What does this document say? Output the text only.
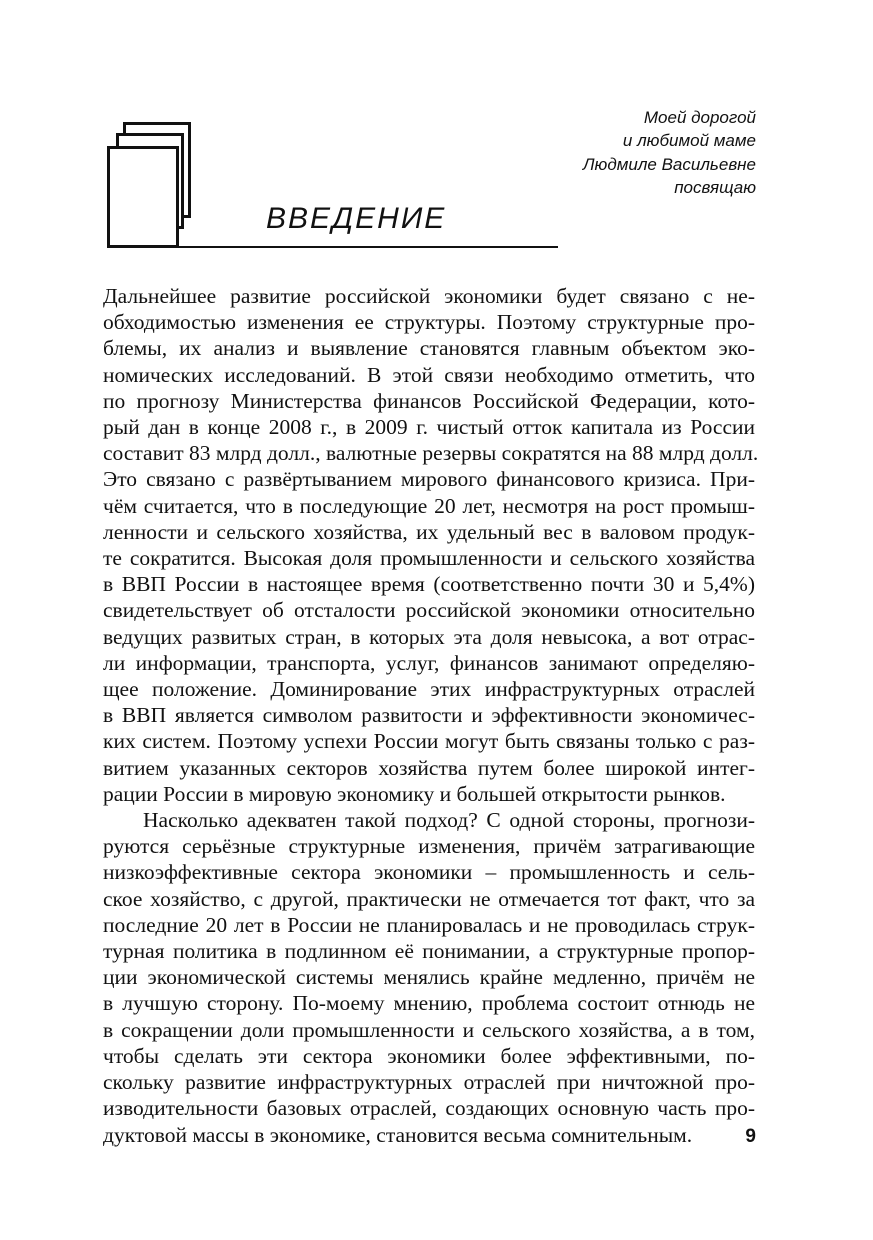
Моей дорогой
и любимой маме
Людмиле Васильевне
посвящаю
ВВЕДЕНИЕ
Дальнейшее развитие российской экономики будет связано с не-
обходимостью изменения ее структуры. Поэтому структурные про-
блемы, их анализ и выявление становятся главным объектом эко-
номических исследований. В этой связи необходимо отметить, что
по прогнозу Министерства финансов Российской Федерации, кото-
рый дан в конце 2008 г., в 2009 г. чистый отток капитала из России
составит 83 млрд долл., валютные резервы сократятся на 88 млрд долл.
Это связано с развёртыванием мирового финансового кризиса. При-
чём считается, что в последующие 20 лет, несмотря на рост промыш-
ленности и сельского хозяйства, их удельный вес в валовом продук-
те сократится. Высокая доля промышленности и сельского хозяйства
в ВВП России в настоящее время (соответственно почти 30 и 5,4%)
свидетельствует об отсталости российской экономики относительно
ведущих развитых стран, в которых эта доля невысока, а вот отрас-
ли информации, транспорта, услуг, финансов занимают определяю-
щее положение. Доминирование этих инфраструктурных отраслей
в ВВП является символом развитости и эффективности экономичес-
ких систем. Поэтому успехи России могут быть связаны только с раз-
витием указанных секторов хозяйства путем более широкой интег-
рации России в мировую экономику и большей открытости рынков.
Насколько адекватен такой подход? С одной стороны, прогнози-
руются серьёзные структурные изменения, причём затрагивающие
низкоэффективные сектора экономики – промышленность и сель-
ское хозяйство, с другой, практически не отмечается тот факт, что за
последние 20 лет в России не планировалась и не проводилась струк-
турная политика в подлинном её понимании, а структурные пропор-
ции экономической системы менялись крайне медленно, причём не
в лучшую сторону. По-моему мнению, проблема состоит отнюдь не
в сокращении доли промышленности и сельского хозяйства, а в том,
чтобы сделать эти сектора экономики более эффективными, по-
скольку развитие инфраструктурных отраслей при ничтожной про-
изводительности базовых отраслей, создающих основную часть про-
дуктовой массы в экономике, становится весьма сомнительным.	9
